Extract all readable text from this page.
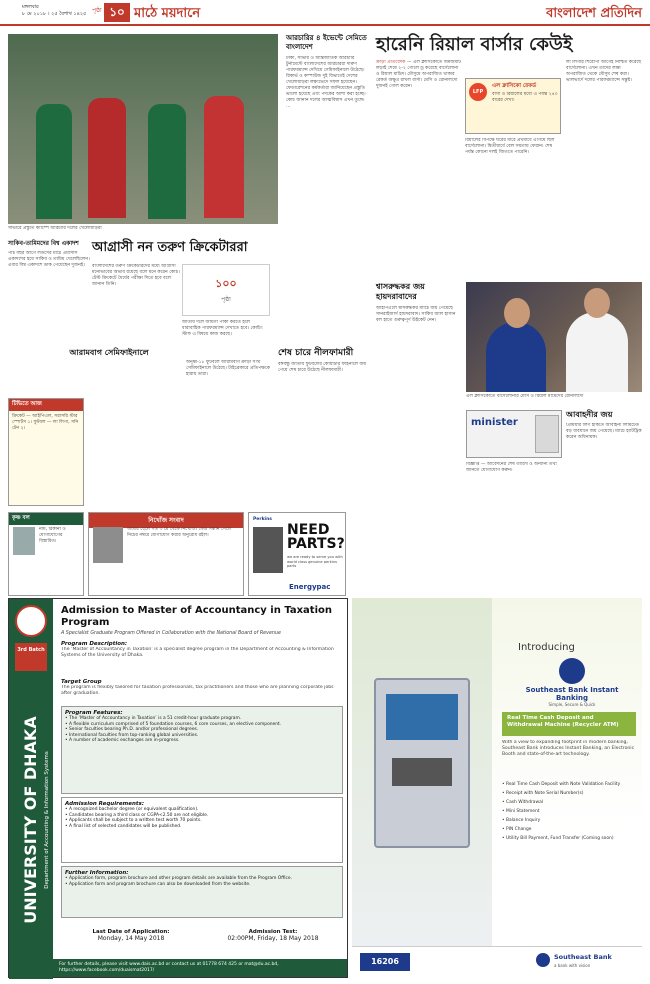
মঙ্গলবার
৮ মে ২০১৮ । ২৫ বৈশাখ ১৪২৫ পৃষ্ঠা ১০ মাঠে ময়দানে	বাংলাদেশ প্রতিদিন
সাভারে প্রস্তুতি ক্যাম্পে আরচারি দলের খেলোয়াড়রা
আরচারির ৪ ইভেন্টে সেমিতে বাংলাদেশ
ঢাকা, সাভার ও আন্তর্জাতিক আরচারি টুর্নামেন্টে বাংলাদেশের আরচাররা দারুণ পারফরম্যান্স দেখিয়ে সেমিফাইনালে উঠেছে। রিকার্ভ ও কম্পাউন্ড দুই বিভাগেই দেশের খেলোয়াড়রা লক্ষ্যভেদে সফল হয়েছেন। ফেডারেশনের কর্মকর্তারা জানিয়েছেন প্রস্তুতি ভালো হয়েছে এবং পদকের আশা করা হচ্ছে। কোচ জানান দলের আত্মবিশ্বাস এখন তুঙ্গে। ...
হারেনি রিয়াল বার্সার কেউই
ক্রীড়া প্রতিবেদক — এল ক্লাসিকোতে জমজমাট লড়াই শেষে ২-২ গোলে ড্র করেছে বার্সেলোনা ও রিয়াল মাদ্রিদ। মৌসুমে অপরাজিত থাকার রেকর্ড অক্ষুণ্ণ রাখল বার্সা। মেসি ও রোনালদো দুজনই গোল করেন।
LFP
এল ক্লাসিকো রেকর্ড
বার্সা ও রিয়ালের মধ্যে এ পর্যন্ত ২৪০ বারের দেখা।
রিয়ালের বিপক্ষে ঘরের মাঠে প্রথমার্ধে এগিয়ে ছিল বার্সেলোনা। দ্বিতীয়ার্ধে বেল সমতায় ফেরান। শেষ পর্যন্ত কোনো দলই জিততে পারেনি।
লা লিগার শিরোপা আগেই নিশ্চিত করেছে বার্সেলোনা। এখন তাদের লক্ষ্য অপরাজিত থেকে মৌসুম শেষ করা। ভালভার্দে দলের পারফরম্যান্সে সন্তুষ্ট।
এল ক্লাসিকোতে বার্সেলোনার মেসি ও রিয়াল মাদ্রিদের রোনালদো
সাকিব-তামিমদের বিশ্ব একাদশ
পাঁচ বছর আগে লর্ডসের মাঠে এমসিসি একাদশের হয়ে সাকিব ও তামিম খেলেছিলেন। এবার বিশ্ব একাদশে ডাক পেয়েছেন দুজনই।
আগ্রাসী নন তরুণ ক্রিকেটাররা
বাংলাদেশের তরুণ ক্রিকেটারদের মধ্যে আগ্রাসী মনোভাবের অভাব রয়েছে বলে মনে করেন কোচ। টেস্ট ক্রিকেটে ধৈর্যের পরীক্ষা দিতে হবে বলে জানান তিনি।	১০০
পৃষ্ঠা
জাতীয় দলে জায়গা পাকা করতে হলে ধারাবাহিক পারফরম্যান্স দেখাতে হবে। কোচিং স্টাফ এ বিষয়ে কাজ করছে।
শ্বাসরুদ্ধকর জয় হায়দরাবাদের
আইপিএলে শ্বাসরুদ্ধকর ম্যাচে জয় পেয়েছে সানরাইজার্স হায়দরাবাদ। সাকিব আল হাসান বল হাতে গুরুত্বপূর্ণ উইকেট নেন।
শেষ চারে নীলফামারী
বঙ্গবন্ধু জাতীয় ফুটবলের কোয়ার্টার ফাইনালে জয় পেয়ে শেষ চারে উঠেছে নীলফামারী।
আরামবাগ সেমিফাইনালে
অনূর্ধ্ব-১৮ ফুটবলে আরামবাগ ক্রীড়া সংঘ সেমিফাইনালে উঠেছে। টাইব্রেকারে প্রতিপক্ষকে হারায় তারা।
টিভিতে আজ
ক্রিকেট — আইপিএল, সরাসরি স্টার স্পোর্টস ১। ফুটবল — লা লিগা, সনি টেন ২।
আবাহনীর জয়
প্রিমিয়ার লিগ হকিতে আবাহনী লিমিটেড বড় ব্যবধানে জয় পেয়েছে। ম্যাচে হ্যাটট্রিক করেন অধিনায়ক।
minister
বিজ্ঞপ্তি — আবেদনের শেষ তারিখ ও অন্যান্য তথ্য জানতে যোগাযোগ করুন।
কৃষ্ণ বল
নাম, ঠিকানা ও যোগাযোগের বিস্তারিত।
নিখোঁজ সংবাদ
আমার ছেলে গত ৩ মে থেকে নিখোঁজ। কেউ সন্ধান পেলে নিচের নম্বরে যোগাযোগ করার অনুরোধ রইল।
Perkins
NEED PARTS?
we are ready to serve you with world class genuine perkins parts
Energypac
3rd Batch
UNIVERSITY OF DHAKA Department of Accounting & Information Systems
Admission to Master of Accountancy in Taxation Program
A Specialist Graduate Program Offered in Collaboration with the National Board of Revenue
Program Description:
The ‘Master of Accountancy in Taxation’ is a specialist degree program in the Department of Accounting & Information Systems of the University of Dhaka.
Target Group
The program is flexibly tailored for taxation professionals, tax practitioners and those who are planning corporate jobs after graduation.
Program Features:
• The ‘Master of Accountancy in Taxation’ is a 51 credit-hour graduate program.
• A flexible curriculum comprised of 5 foundation courses, 6 core courses, an elective component.
• Senior faculties bearing Ph.D. and/or professional degrees.
• International faculties from top-ranking global universities.
• A number of academic exchanges are in-progress.
Admission Requirements:
• A recognized bachelor degree (or equivalent qualification).
• Candidates bearing a third class or CGPA<2.50 are not eligible.
• Applicants shall be subject to a written test worth 70 points.
• A final list of selected candidates will be published.
Further Information:
• Application form, program brochure and other program details are available from the Program Office.
• Application form and program brochure can also be downloaded from the website.
Last Date of Application:
Monday, 14 May 2018
Admission Test:
02:00PM, Friday, 18 May 2018
For further details, please visit www.dais.ac.bd or contact us at 01778 674 425 or mat@du.ac.bd, https://www.facebook.com/duaismat2017/
Introducing
Southeast Bank Instant Banking
Simple, Secure & Quick
Real Time Cash Deposit and Withdrawal Machine (Recycler ATM)
With a view to expanding footprint in modern banking, Southeast Bank introduces Instant Banking, an Electronic Booth and state-of-the-art technology.
• Real Time Cash Deposit with Note Validation Facility
• Receipt with Note Serial Number(s)
• Cash Withdrawal
• Mini Statement
• Balance Inquiry
• PIN Change
• Utility Bill Payment, Fund Transfer (Coming soon)
16206	Southeast Bank
a bank with vision
